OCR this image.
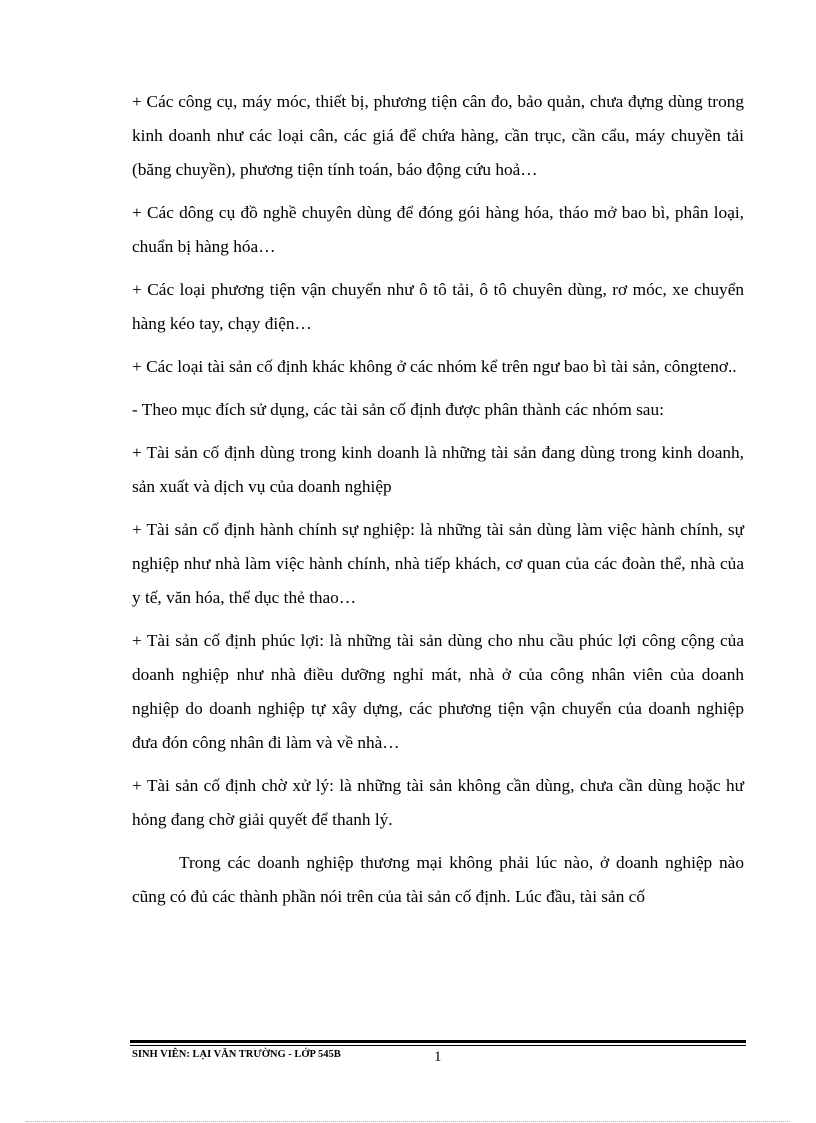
+ Các công cụ, máy móc, thiết bị, phương tiện cân đo, bảo quản, chưa đựng dùng trong kinh doanh như các loại cân, các giá để chứa hàng, cần trục, cần cẩu, máy chuyền tải (băng chuyền), phương tiện tính toán, báo động cứu hoả…

+ Các dông cụ đồ nghề chuyên dùng để đóng gói hàng hóa, tháo mở bao bì, phân loại, chuẩn bị hàng hóa…

+ Các loại phương tiện vận chuyển như ô tô tải, ô tô chuyên dùng, rơ móc, xe chuyển hàng kéo tay, chạy điện…

+ Các loại tài sản cố định khác không ở các nhóm kể trên ngư bao bì tài sản, côngtenơ..

- Theo mục đích sử dụng, các tài sản cố định được phân thành các nhóm sau:

+ Tài sản cố định dùng trong kinh doanh là những tài sản đang dùng trong kinh doanh, sản xuất và dịch vụ của doanh nghiệp

+ Tài sản cố định hành chính sự nghiệp: là những tài sản dùng làm việc hành chính, sự nghiệp như nhà làm việc hành chính, nhà tiếp khách, cơ quan của các đoàn thể, nhà của y tế, văn hóa, thể dục thẻ thao…

+ Tài sản cố định phúc lợi: là những tài sản dùng cho nhu cầu phúc lợi công cộng của doanh nghiệp như nhà điều dưỡng nghỉ mát, nhà ở của công nhân viên của doanh nghiệp do doanh nghiệp tự xây dựng, các phương tiện vận chuyển của doanh nghiệp đưa đón công nhân đi làm và về nhà…

+ Tài sản cố định chờ xử lý: là những tài sản không cần dùng, chưa cần dùng hoặc hư hỏng đang chờ giải quyết để thanh lý.

Trong các doanh nghiệp thương mại không phải lúc nào, ở doanh nghiệp nào cũng có đủ các thành phần nói trên của tài sản cố định. Lúc đầu, tài sản cố

SINH VIÊN: LẠI VĂN TRƯỜNG - LỚP 545B	1
